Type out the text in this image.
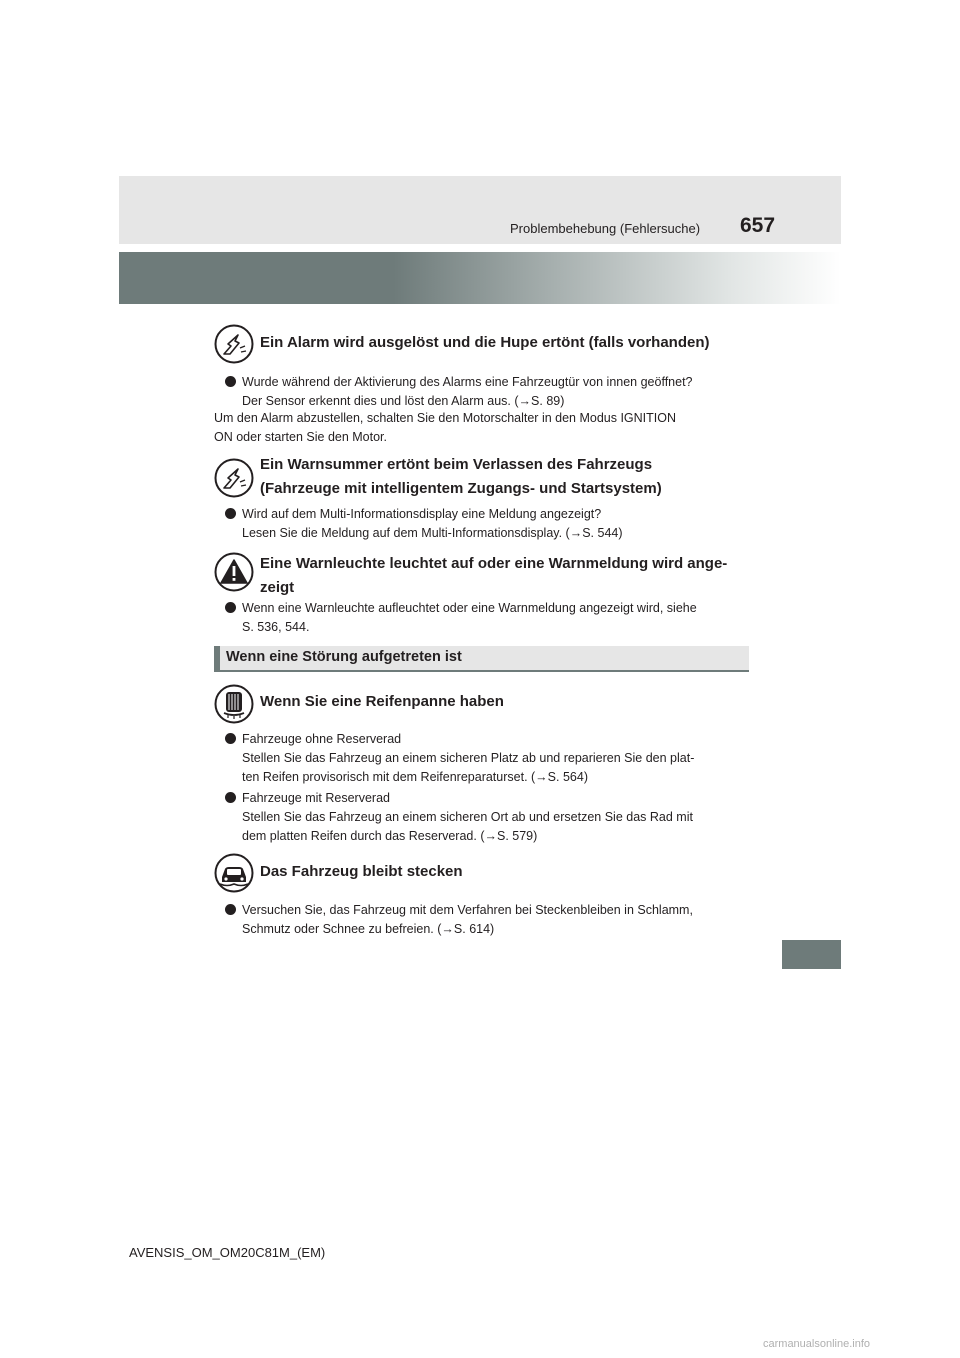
Problembehebung (Fehlersuche) 657
Ein Alarm wird ausgelöst und die Hupe ertönt (falls vorhanden)
Wurde während der Aktivierung des Alarms eine Fahrzeugtür von innen geöffnet?
Der Sensor erkennt dies und löst den Alarm aus. (→S. 89)
Um den Alarm abzustellen, schalten Sie den Motorschalter in den Modus IGNITION
ON oder starten Sie den Motor.
Ein Warnsummer ertönt beim Verlassen des Fahrzeugs
(Fahrzeuge mit intelligentem Zugangs- und Startsystem)
Wird auf dem Multi-Informationsdisplay eine Meldung angezeigt?
Lesen Sie die Meldung auf dem Multi-Informationsdisplay. (→S. 544)
Eine Warnleuchte leuchtet auf oder eine Warnmeldung wird ange-
zeigt
Wenn eine Warnleuchte aufleuchtet oder eine Warnmeldung angezeigt wird, siehe
S. 536, 544.
Wenn eine Störung aufgetreten ist
Wenn Sie eine Reifenpanne haben
Fahrzeuge ohne Reserverad
Stellen Sie das Fahrzeug an einem sicheren Platz ab und reparieren Sie den plat-
ten Reifen provisorisch mit dem Reifenreparaturset. (→S. 564)
Fahrzeuge mit Reserverad
Stellen Sie das Fahrzeug an einem sicheren Ort ab und ersetzen Sie das Rad mit
dem platten Reifen durch das Reserverad. (→S. 579)
Das Fahrzeug bleibt stecken
Versuchen Sie, das Fahrzeug mit dem Verfahren bei Steckenbleiben in Schlamm,
Schmutz oder Schnee zu befreien. (→S. 614)
AVENSIS_OM_OM20C81M_(EM)
carmanualsonline.info
